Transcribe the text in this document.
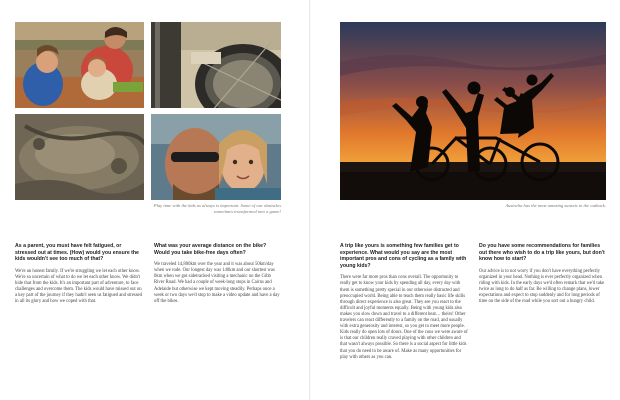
Play time with the kids as always is important. Some of our obstacles sometimes transformed into a game!
Australia has the most amazing sunsets in the outback.

As a parent, you must have felt fatigued, or stressed out at times. (How) would you ensure the kids wouldn't see too much of that?

We're an honest family. If we're struggling we let each other know. We're so uncertain of what to do we let each other know. We didn't hide that from the kids. It's an important part of adventure, to face challenges and overcome them. The kids would have missed out on a key part of the journey if they hadn't seen us fatigued and stressed in all its glory and how we coped with that.

What was your average distance on the bike? Would you take bike-free days often?

We traveled 14,800km over the year and it was about 50km/day when we rode. Our longest day was 140km and our shortest was 0km when we got sidetracked visiting a mechanic on the Gibb River Road. We had a couple of week-long stops in Cairns and Adelaide but otherwise we kept moving steadily. Perhaps once a week or two days we'd stop to make a video update and have a day off the bikes.

A trip like yours is something few families get to experience. What would you say are the most important pros and cons of cycling as a family with young kids?

There were far more pros than cons overall. The opportunity to really get to know your kids by spending all day, every day with them is something pretty special in our otherwise distracted and preoccupied world. Being able to teach them really basic life skills through direct experience is also great. They see you react to the difficult and joyful moments equally. Being with young kids also makes you slow down and travel to a different beat… theirs! Other travelers can react differently to a family on the road, and usually with extra generosity and interest, so you get to meet more people. Kids really do open lots of doors. One of the cons we were aware of is that our children really craved playing with other children and that wasn't always possible. So there is a social aspect for little kids that you do need to be aware of. Make as many opportunities for play with others as you can.

Do you have some recommendations for families out there who wish to do a trip like yours, but don't know how to start?

Our advice is to not worry if you don't have everything perfectly organized in your head. Nothing is ever perfectly organized when riding with kids. In the early days we'd often remark that we'd take twice as long to do half as far. Be willing to change plans, lower expectations and expect to stop suddenly and for long periods of time on the side of the road while you sort out a hungry child.
